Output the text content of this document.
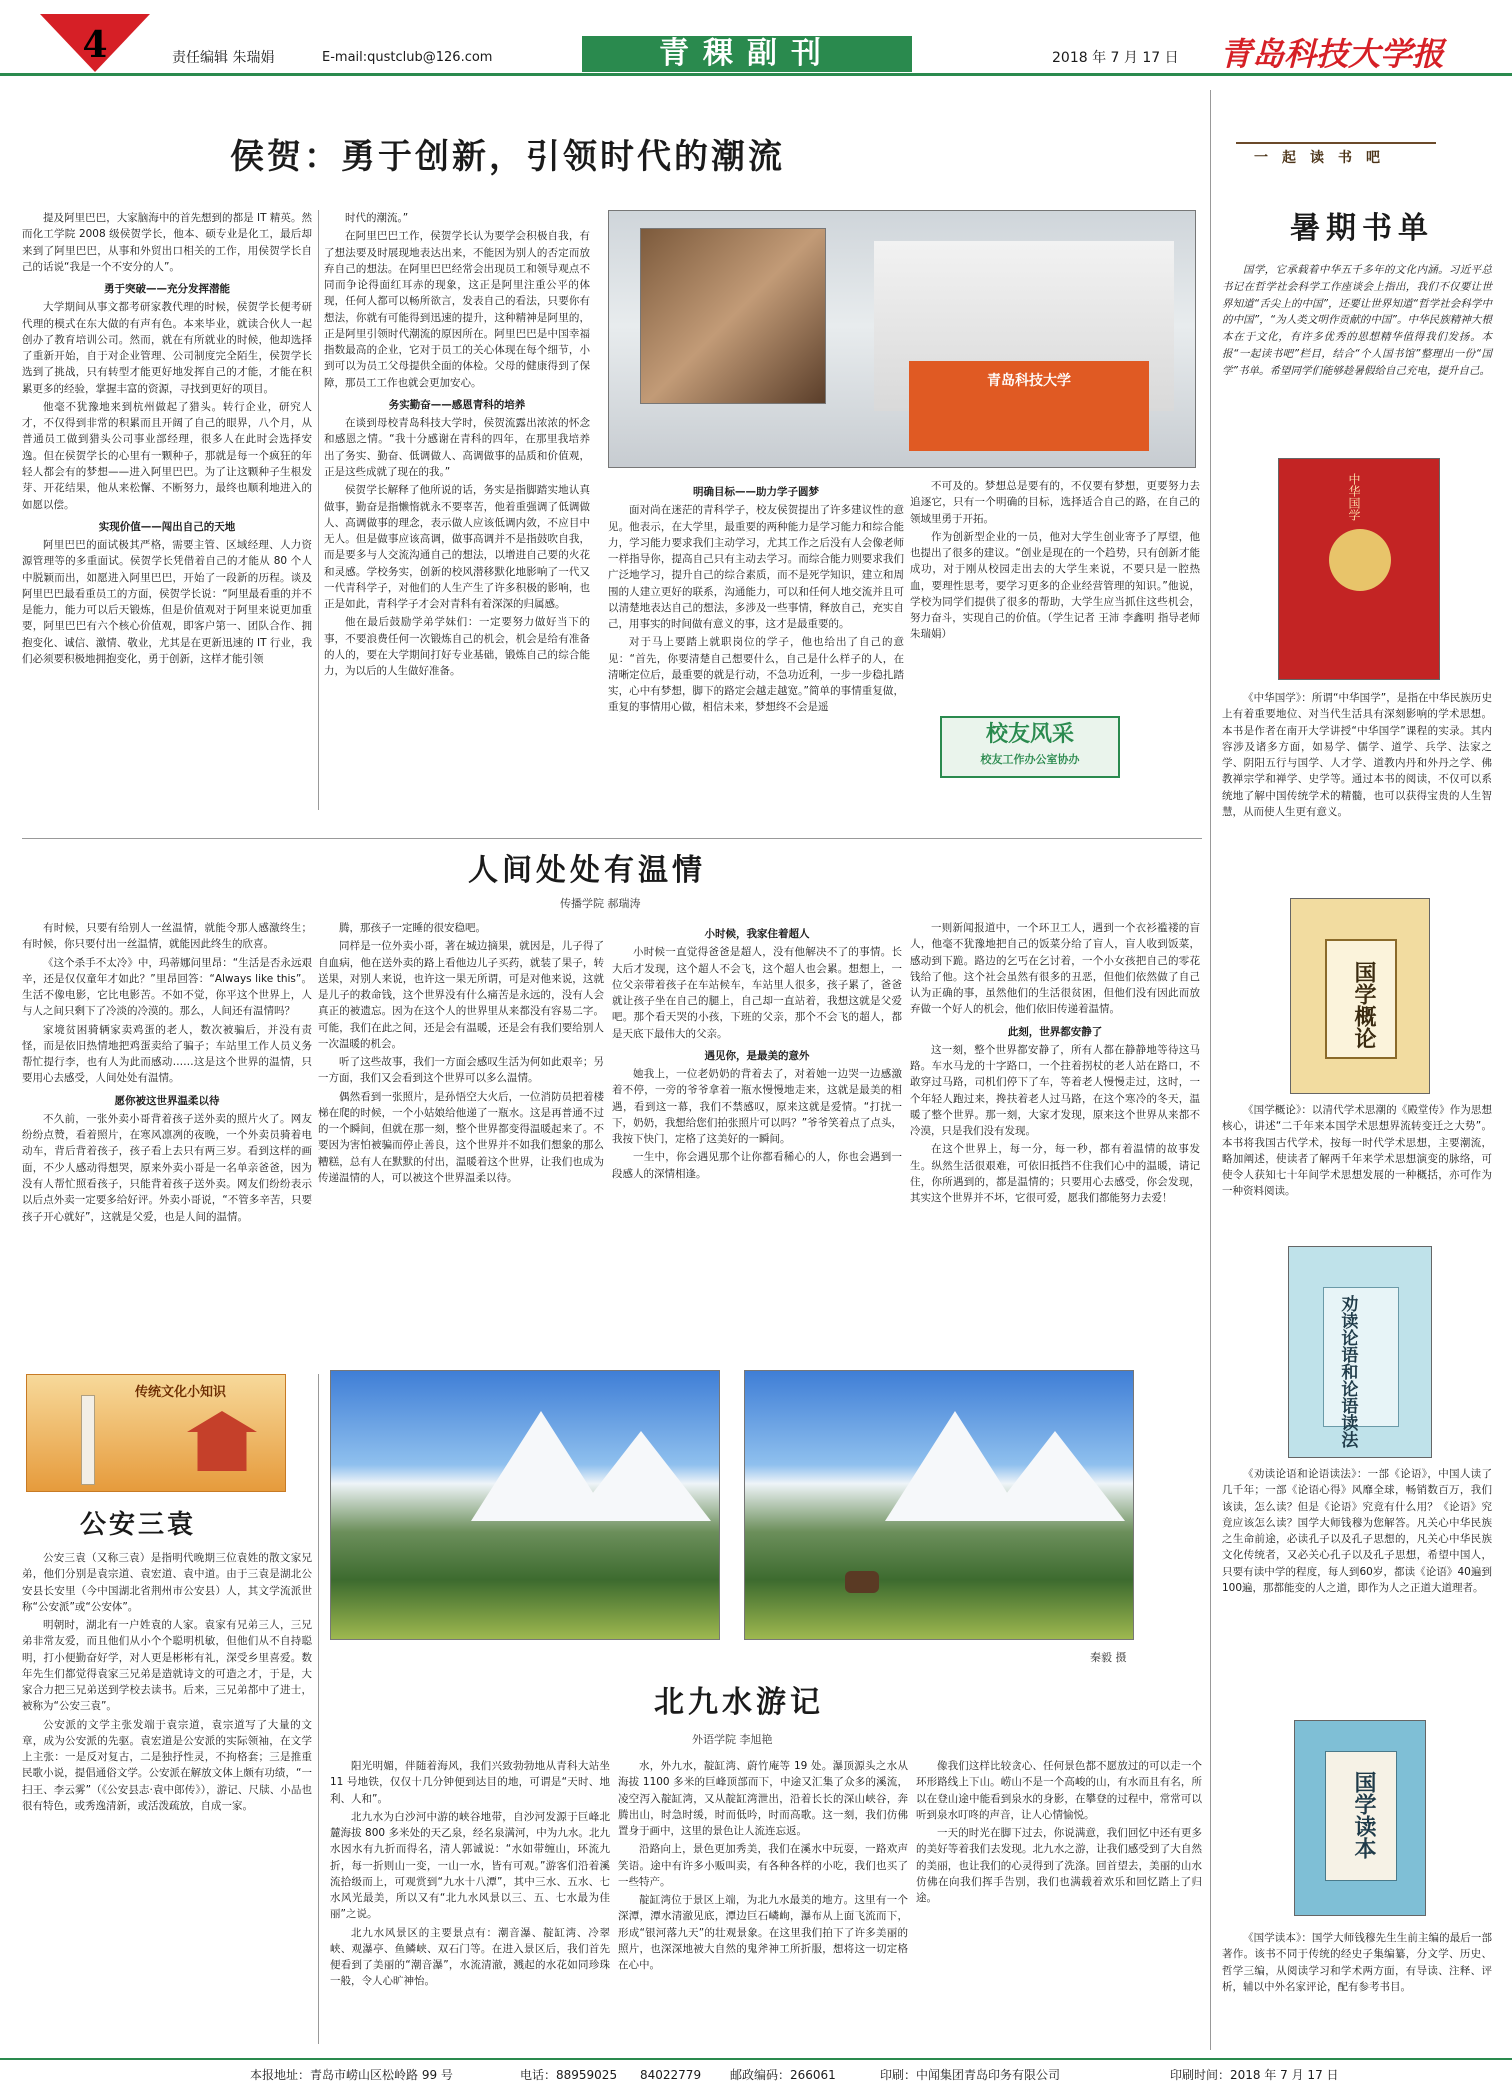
4	责任编辑 朱瑞娟	E-mail:qustclub@126.com	青稞副刊	2018 年 7 月 17 日 青岛科技大学报
侯贺：勇于创新，引领时代的潮流

提及阿里巴巴，大家脑海中的首先想到的都是 IT 精英。然而化工学院 2008 级侯贺学长，他本、硕专业是化工，最后却来到了阿里巴巴，从事和外贸出口相关的工作，用侯贺学长自己的话说“我是一个不安分的人”。

勇于突破——充分发挥潜能

大学期间从事文都考研家教代理的时候，侯贺学长便考研代理的模式在东大做的有声有色。本来毕业，就读合伙人一起创办了教育培训公司。然而，就在有所就业的时候，他却选择了重新开始，自于对企业管理、公司制度完全陌生，侯贺学长选到了挑战，只有转型才能更好地发挥自己的才能，才能在积累更多的经验，掌握丰富的资源，寻找到更好的项目。

他毫不犹豫地来到杭州做起了猎头。转行企业，研究人才，不仅得到非常的积累而且开阔了自己的眼界，八个月，从普通员工做到猎头公司事业部经理，很多人在此时会选择安逸。但在侯贺学长的心里有一颗种子，那就是每一个疯狂的年轻人都会有的梦想——进入阿里巴巴。为了让这颗种子生根发芽、开花结果，他从来松懈、不断努力，最终也顺利地进入的如愿以偿。

实现价值——闯出自己的天地

阿里巴巴的面试极其严格，需要主管、区域经理、人力资源管理等的多重面试。侯贺学长凭借着自己的才能从 80 个人中脱颖而出，如愿进入阿里巴巴，开始了一段新的历程。谈及阿里巴巴最看重员工的方面，侯贺学长说：“阿里最看重的并不是能力，能力可以后天锻炼，但是价值观对于阿里来说更加重要，阿里巴巴有六个核心价值观，即客户第一、团队合作、拥抱变化、诚信、激情、敬业，尤其是在更新迅速的 IT 行业，我们必须要积极地拥抱变化，勇于创新，这样才能引领

时代的潮流。”

在阿里巴巴工作，侯贺学长认为要学会积极自我，有了想法要及时展现地表达出来，不能因为别人的否定而放弃自己的想法。在阿里巴巴经常会出现员工和领导观点不同而争论得面红耳赤的现象，这正是阿里注重公平的体现，任何人都可以畅所欲言，发表自己的看法，只要你有想法，你就有可能得到迅速的提升，这种精神是阿里的，正是阿里引领时代潮流的原因所在。阿里巴巴是中国幸福指数最高的企业，它对于员工的关心体现在每个细节，小到可以为员工父母提供全面的体检。父母的健康得到了保障，那员工工作也就会更加安心。

务实勤奋——感恩青科的培养

在谈到母校青岛科技大学时，侯贺流露出浓浓的怀念和感恩之情。“我十分感谢在青科的四年，在那里我培养出了务实、勤奋、低调做人、高调做事的品质和价值观，正是这些成就了现在的我。”

侯贺学长解释了他所说的话，务实是指脚踏实地认真做事，勤奋是指懒惰就永不要辜苦，他着重强调了低调做人、高调做事的理念，表示做人应该低调内敛，不应目中无人。但是做事应该高调，做事高调并不是指鼓吹自我，而是要多与人交流沟通自己的想法，以增进自己要的火花和灵感。学校务实，创新的校风潜移默化地影响了一代又一代青科学子，对他们的人生产生了许多积极的影响，也正是如此，青科学子才会对青科有着深深的归属感。

他在最后鼓励学弟学妹们：一定要努力做好当下的事，不要浪费任何一次锻炼自己的机会，机会是给有准备的人的，要在大学期间打好专业基础，锻炼自己的综合能力，为以后的人生做好准备。

青岛科技大学

明确目标——助力学子圆梦

面对尚在迷茫的青科学子，校友侯贺提出了许多建议性的意见。他表示，在大学里，最重要的两种能力是学习能力和综合能力，学习能力要求我们主动学习，尤其工作之后没有人会像老师一样指导你，提高自己只有主动去学习。而综合能力则要求我们广泛地学习，提升自己的综合素质，而不是死学知识，建立和周围的人建立更好的联系，沟通能力，可以和任何人地交流并且可以清楚地表达自己的想法，多涉及一些事情，释放自己，充实自己，用事实的时间做有意义的事，这才是最重要的。

对于马上要踏上就职岗位的学子，他也给出了自己的意见：“首先，你要清楚自己想要什么，自己是什么样子的人，在清晰定位后，最重要的就是行动，不急功近利，一步一步稳扎踏实，心中有梦想，脚下的路定会越走越宽。”简单的事情重复做，重复的事情用心做，相信未来，梦想终不会是遥

不可及的。梦想总是要有的，不仅要有梦想，更要努力去追逐它，只有一个明确的目标，选择适合自己的路，在自己的领域里勇于开拓。

作为创新型企业的一员，他对大学生创业寄予了厚望，他也提出了很多的建议。“创业是现在的一个趋势，只有创新才能成功，对于刚从校园走出去的大学生来说，不要只是一腔热血，要理性思考，要学习更多的企业经营管理的知识。”他说，学校为同学们提供了很多的帮助，大学生应当抓住这些机会，努力奋斗，实现自己的价值。（学生记者 王沛 李鑫明 指导老师 朱瑞娟）

校友风采
校友工作办公室协办
人间处处有温情
传播学院 郝瑞涛

有时候，只要有给别人一丝温情，就能令那人感激终生；有时候，你只要付出一丝温情，就能因此终生的欣喜。

《这个杀手不太冷》中，玛蒂娜问里昂：“生活是否永远艰辛，还是仅仅童年才如此？”里昂回答：“Always like this”。生活不像电影，它比电影苦。不如不觉，你平这个世界上，人与人之间只剩下了冷淡的冷漠的。那么，人间还有温情吗？

家境贫困骑辆家卖鸡蛋的老人，数次被骗后，并没有责怪，而是依旧热情地把鸡蛋卖给了骗子；车站里工作人员义务帮忙提行李，也有人为此而感动……这是这个世界的温情，只要用心去感受，人间处处有温情。

愿你被这世界温柔以待

不久前，一张外卖小哥背着孩子送外卖的照片火了。网友纷纷点赞，看着照片，在寒风凛冽的夜晚，一个外卖员骑着电动车，背后背着孩子，孩子看上去只有两三岁。看到这样的画面，不少人感动得想哭，原来外卖小哥是一名单亲爸爸，因为没有人帮忙照看孩子，只能背着孩子送外卖。网友们纷纷表示以后点外卖一定要多给好评。外卖小哥说，“不管多辛苦，只要孩子开心就好”，这就是父爱，也是人间的温情。

腾，那孩子一定睡的很安稳吧。

同样是一位外卖小哥，著在城边摘果，就因是，儿子得了自血病，他在送外卖的路上看他边儿子买药，就装了果子，转送果，对别人来说，也许这一果无所谓，可是对他来说，这就是儿子的救命钱，这个世界没有什么痛苦是永远的，没有人会真正的被遗忘。因为在这个人的世界里从来都没有容易二字。可能，我们在此之间，还是会有温暖，还是会有我们要给别人一次温暖的机会。

听了这些故事，我们一方面会感叹生活为何如此艰辛；另一方面，我们又会看到这个世界可以多么温情。

偶然看到一张照片，是孙悟空大火后，一位消防员把着楼梯在爬的时候，一个小姑娘给他递了一瓶水。这是再普通不过的一个瞬间，但就在那一刻，整个世界都变得温暖起来了。不要因为害怕被骗而停止善良，这个世界并不如我们想象的那么糟糕，总有人在默默的付出，温暖着这个世界，让我们也成为传递温情的人，可以被这个世界温柔以待。

小时候，我家住着超人

小时候一直觉得爸爸是超人，没有他解决不了的事情。长大后才发现，这个超人不会飞，这个超人也会累。想想上，一位父亲带着孩子在车站候车，车站里人很多，孩子累了，爸爸就让孩子坐在自己的腿上，自己却一直站着，我想这就是父爱吧。那个看天哭的小孩，下班的父亲，那个不会飞的超人，都是天底下最伟大的父亲。

遇见你，是最美的意外

她我上，一位老奶奶的背着去了，对着她一边哭一边感激着不停，一旁的爷爷拿着一瓶水慢慢地走来，这就是最美的相遇，看到这一幕，我们不禁感叹，原来这就是爱情。“打扰一下，奶奶，我想给您们拍张照片可以吗？”爷爷笑着点了点头，我按下快门，定格了这美好的一瞬间。

一生中，你会遇见那个让你都看稀心的人，你也会遇到一段感人的深情相逢。

一则新闻报道中，一个环卫工人，遇到一个衣衫褴褛的盲人，他毫不犹豫地把自己的饭菜分给了盲人，盲人收到饭菜，感动到下跪。路边的乞丐在乞讨着，一个小女孩把自己的零花钱给了他。这个社会虽然有很多的丑恶，但他们依然做了自己认为正确的事，虽然他们的生活很贫困，但他们没有因此而放弃做一个好人的机会，他们依旧传递着温情。

此刻，世界都安静了

这一刻，整个世界都安静了，所有人都在静静地等待这马路。车水马龙的十字路口，一个拄着拐杖的老人站在路口，不敢穿过马路，司机们停下了车，等着老人慢慢走过，这时，一个年轻人跑过来，搀扶着老人过马路，在这个寒冷的冬天，温暖了整个世界。那一刻，大家才发现，原来这个世界从来都不冷漠，只是我们没有发现。

在这个世界上，每一分，每一秒，都有着温情的故事发生。纵然生活很艰难，可依旧抵挡不住我们心中的温暖，请记住，你所遇到的，都是温情的；只要用心去感受，你会发现，其实这个世界并不坏，它很可爱，愿我们都能努力去爱！

传统文化小知识
公安三袁

公安三袁（又称三袁）是指明代晚期三位袁姓的散文家兄弟，他们分别是袁宗道、袁宏道、袁中道。由于三袁是湖北公安县长安里（今中国湖北省荆州市公安县）人，其文学流派世称“公安派”或“公安体”。

明朝时，湖北有一户姓袁的人家。袁家有兄弟三人，三兄弟非常友爱，而且他们从小个个聪明机敏，但他们从不自持聪明，打小便勤奋好学，对人更是彬彬有礼，深受乡里喜爱。数年先生们都觉得袁家三兄弟是造就诗文的可造之才，于是，大家合力把三兄弟送到学校去读书。后来，三兄弟都中了进士，被称为“公安三袁”。

公安派的文学主张发端于袁宗道，袁宗道写了大量的文章，成为公安派的先驱。袁宏道是公安派的实际领袖，在文学上主张：一是反对复古，二是独抒性灵，不拘格套；三是推重民歌小说，提倡通俗文学。公安派在解放文体上颇有功绩，“一扫王、李云雾”（《公安县志·袁中郎传》），游记、尺牍、小品也很有特色，或秀逸清新，或活泼疏放，自成一家。

秦毅 摄
北九水游记
外语学院 李旭艳

阳光明媚，伴随着海风，我们兴致勃勃地从青科大站坐 11 号地铁，仅仅十几分钟便到达目的地，可谓是“天时、地利、人和”。

北九水为白沙河中游的峡谷地带，自沙河发源于巨峰北麓海拔 800 多米处的天乙泉，经名泉满河，中为九水。北九水因水有九折而得名，清人郭诚说：“水如带缠山，环流九折，每一折则山一变，一山一水，皆有可观。”游客们沿着溪流拾级而上，可观赏到“九水十八潭”，其中三水、五水、七水风光最美，所以又有“北九水风景以三、五、七水最为佳丽”之说。

北九水风景区的主要景点有：潮音瀑、靛缸湾、冷翠峡、观瀑亭、鱼鳞峡、双石门等。在进入景区后，我们首先便看到了美丽的“潮音瀑”，水流清澈，溅起的水花如同珍珠一般，令人心旷神怡。

水，外九水，靛缸湾、蔚竹庵等 19 处。瀑顶源头之水从海拔 1100 多米的巨峰顶部而下，中途又汇集了众多的溪流，凌空泻入靛缸湾，又从靛缸湾泄出，沿着长长的深山峡谷，奔腾出山，时急时缓，时而低吟，时而高歌。这一刻，我们仿佛置身于画中，这里的景色让人流连忘返。

沿路向上，景色更加秀美，我们在溪水中玩耍，一路欢声笑语。途中有许多小贩叫卖，有各种各样的小吃，我们也买了一些特产。

靛缸湾位于景区上端，为北九水最美的地方。这里有一个深潭，潭水清澈见底，潭边巨石嶙峋，瀑布从上面飞流而下，形成“银河落九天”的壮观景象。在这里我们拍下了许多美丽的照片，也深深地被大自然的鬼斧神工所折服，想将这一切定格在心中。

像我们这样比较贪心、任何景色都不愿放过的可以走一个环形路线上下山。崂山不是一个高峻的山，有水而且有名，所以在登山途中能看到泉水的身影，在攀登的过程中，常常可以听到泉水叮咚的声音，让人心情愉悦。

一天的时光在脚下过去，你说满意，我们回忆中还有更多的美好等着我们去发现。北九水之游，让我们感受到了大自然的美丽，也让我们的心灵得到了洗涤。回首望去，美丽的山水仿佛在向我们挥手告别，我们也满载着欢乐和回忆踏上了归途。

一起读书吧
暑期书单

国学，它承载着中华五千多年的文化内涵。习近平总书记在哲学社会科学工作座谈会上指出，我们不仅要让世界知道“舌尖上的中国”，还要让世界知道“哲学社会科学中的中国”，“为人类文明作贡献的中国”。中华民族精神大根本在于文化，有许多优秀的思想精华值得我们发扬。本报“一起读书吧”栏目，结合“个人国书馆”整理出一份“国学”书单。希望同学们能够趁暑假给自己充电，提升自己。

中华国学

《中华国学》：所谓“中华国学”，是指在中华民族历史上有着重要地位、对当代生活具有深刻影响的学术思想。本书是作者在南开大学讲授“中华国学”课程的实录。其内容涉及诸多方面，如易学、儒学、道学、兵学、法家之学、阴阳五行与国学、人才学、道教内丹和外丹之学、佛教禅宗学和禅学、史学等。通过本书的阅读，不仅可以系统地了解中国传统学术的精髓，也可以获得宝贵的人生智慧，从而使人生更有意义。

国学概论

《国学概论》：以清代学术思潮的《殿堂传》作为思想核心，讲述“二千年来本国学术思想界流转变迁之大势”。本书将我国古代学术，按每一时代学术思想，主要潮流，略加阐述，使读者了解两千年来学术思想演变的脉络，可使令人获知七十年间学术思想发展的一种概括，亦可作为一种资料阅读。

劝读论语和论语读法

《劝读论语和论语读法》：一部《论语》，中国人读了几千年；一部《论语心得》风靡全球，畅销数百万，我们该读，怎么读？但是《论语》究竟有什么用？《论语》究竟应该怎么读？国学大师钱穆为您解答。凡关心中华民族之生命前途，必读孔子以及孔子思想的，凡关心中华民族文化传统者，又必关心孔子以及孔子思想，希望中国人，只要有读中学的程度，每人到60岁，都读《论语》40遍到100遍，那都能变的人之道，即作为人之正道大道理者。

国学读本

《国学读本》：国学大师钱穆先生生前主编的最后一部著作。该书不同于传统的经史子集编纂，分文学、历史、哲学三编，从阅读学习和学术两方面，有导读、注释、评析，辅以中外名家评论，配有参考书目。

本报地址：青岛市崂山区松岭路 99 号	电话：88959025 84022779 邮政编码：266061	印刷：中闻集团青岛印务有限公司	印刷时间：2018 年 7 月 17 日
